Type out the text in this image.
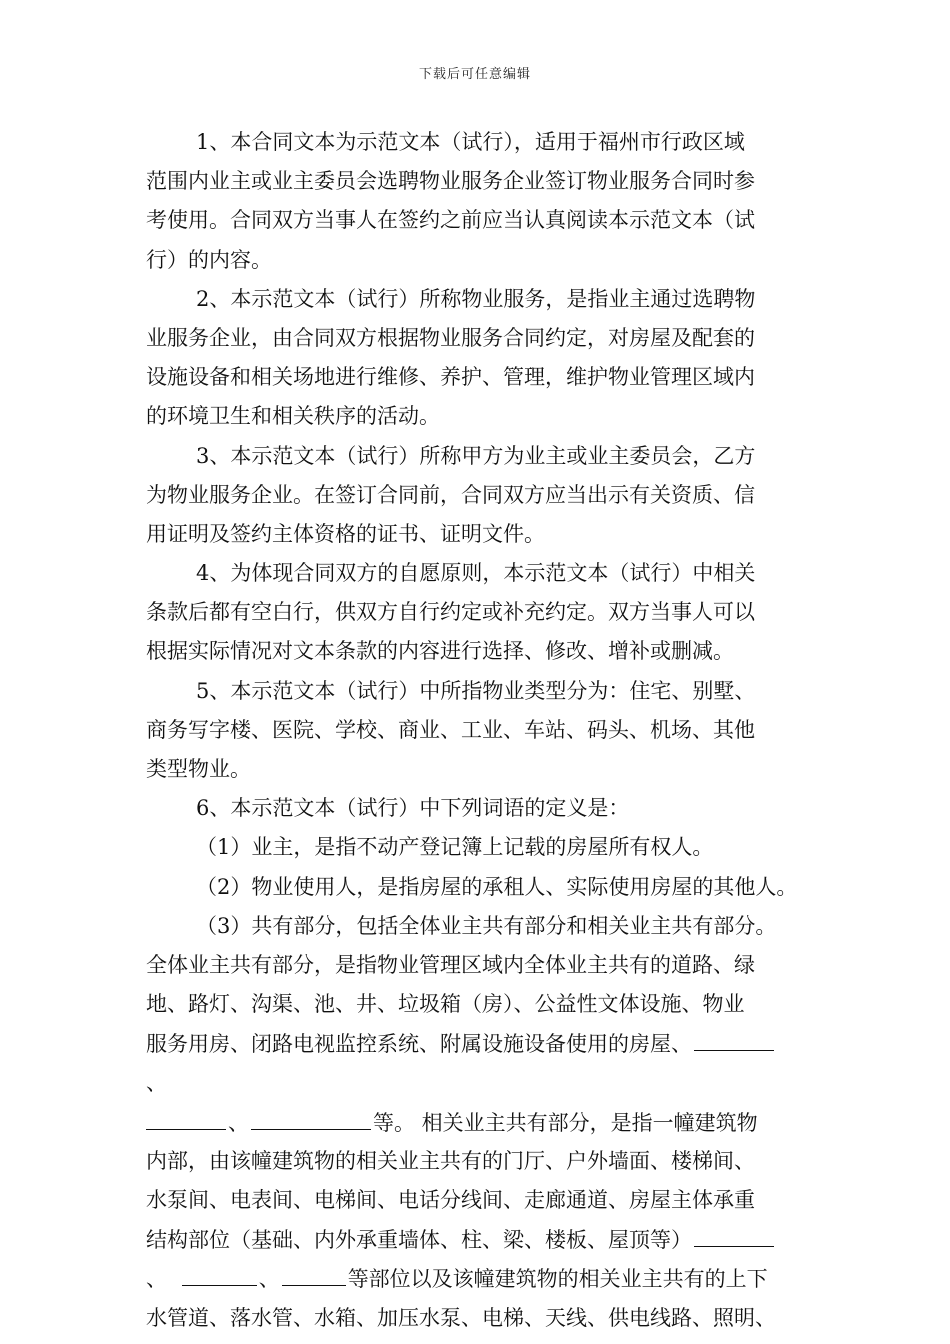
下载后可任意编辑
1、本合同文本为示范文本（试行），适用于福州市行政区域
范围内业主或业主委员会选聘物业服务企业签订物业服务合同时参
考使用。合同双方当事人在签约之前应当认真阅读本示范文本（试
行）的内容。
2、本示范文本（试行）所称物业服务，是指业主通过选聘物
业服务企业，由合同双方根据物业服务合同约定，对房屋及配套的
设施设备和相关场地进行维修、养护、管理，维护物业管理区域内
的环境卫生和相关秩序的活动。
3、本示范文本（试行）所称甲方为业主或业主委员会，乙方
为物业服务企业。在签订合同前，合同双方应当出示有关资质、信
用证明及签约主体资格的证书、证明文件。
4、为体现合同双方的自愿原则，本示范文本（试行）中相关
条款后都有空白行，供双方自行约定或补充约定。双方当事人可以
根据实际情况对文本条款的内容进行选择、修改、增补或删减。
5、本示范文本（试行）中所指物业类型分为：住宅、别墅、
商务写字楼、医院、学校、商业、工业、车站、码头、机场、其他
类型物业。
6、本示范文本（试行）中下列词语的定义是：
（1）业主，是指不动产登记簿上记载的房屋所有权人。
（2）物业使用人，是指房屋的承租人、实际使用房屋的其他人。
（3）共有部分，包括全体业主共有部分和相关业主共有部分。
全体业主共有部分，是指物业管理区域内全体业主共有的道路、绿
地、路灯、沟渠、池、井、垃圾箱（房）、公益性文体设施、物业
服务用房、闭路电视监控系统、附属设施设备使用的房屋、
、
、	等。 相关业主共有部分，是指一幢建筑物
内部，由该幢建筑物的相关业主共有的门厅、户外墙面、楼梯间、
水泵间、电表间、电梯间、电话分线间、走廊通道、房屋主体承重
结构部位（基础、内外承重墙体、柱、梁、楼板、屋顶等）
、	、	等部位以及该幢建筑物的相关业主共有的上下
水管道、落水管、水箱、加压水泵、电梯、天线、供电线路、照明、
